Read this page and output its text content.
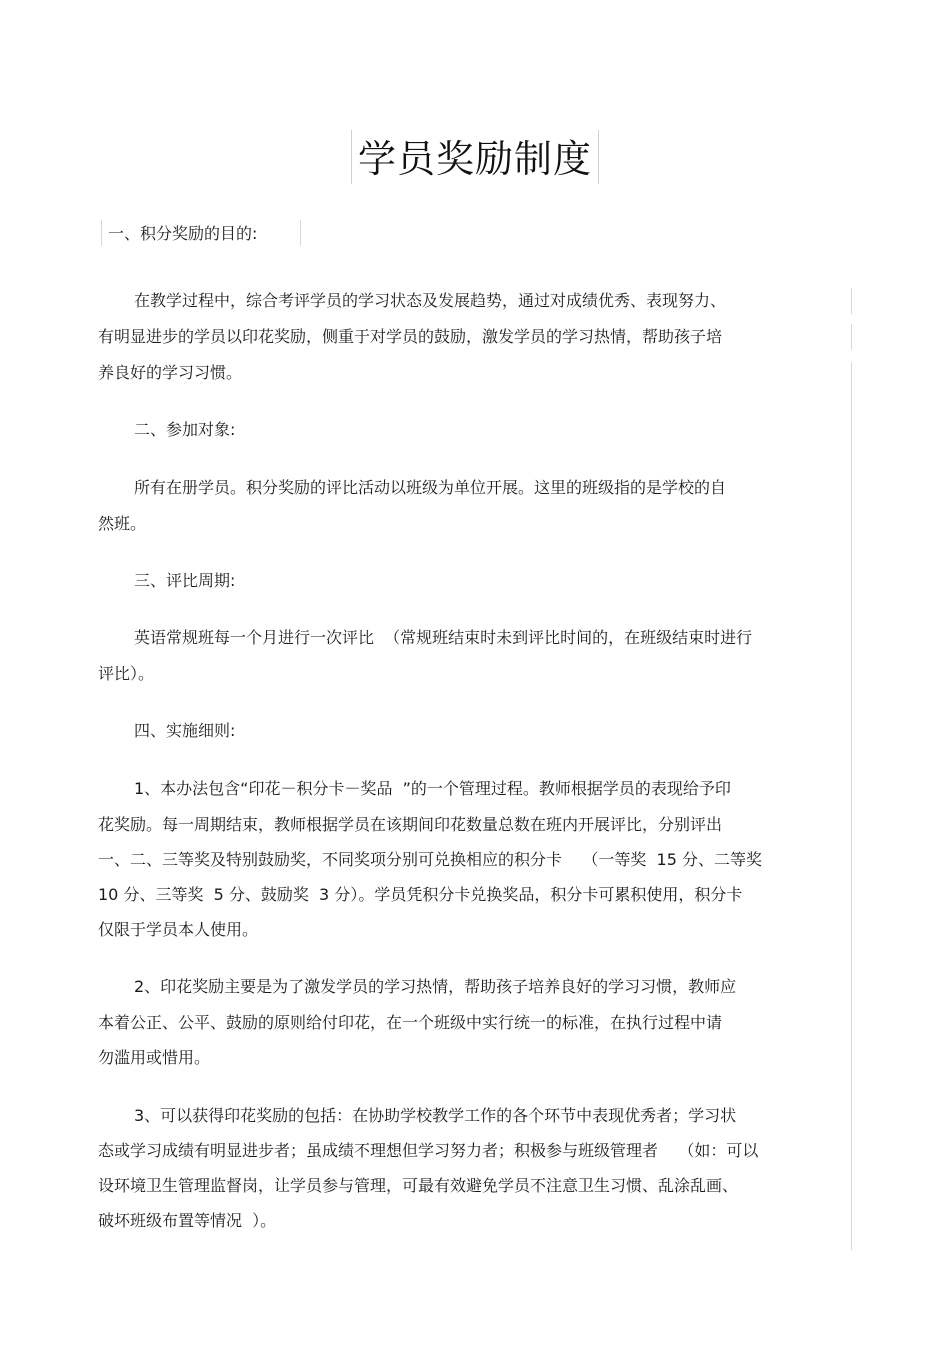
学员奖励制度
一、积分奖励的目的:
在教学过程中，综合考评学员的学习状态及发展趋势，通过对成绩优秀、表现努力、
有明显进步的学员以印花奖励，侧重于对学员的鼓励，激发学员的学习热情，帮助孩子培
养良好的学习习惯。
二、参加对象:
所有在册学员。积分奖励的评比活动以班级为单位开展。这里的班级指的是学校的自
然班。
三、评比周期:
英语常规班每一个月进行一次评比  （常规班结束时未到评比时间的，在班级结束时进行
评比）。
四、实施细则:
1、本办法包含“印花－积分卡－奖品  ”的一个管理过程。教师根据学员的表现给予印
花奖励。每一周期结束，教师根据学员在该期间印花数量总数在班内开展评比，分别评出
一、二、三等奖及特别鼓励奖，不同奖项分别可兑换相应的积分卡    （一等奖  15 分、二等奖
10 分、三等奖  5 分、鼓励奖  3 分）。学员凭积分卡兑换奖品，积分卡可累积使用，积分卡
仅限于学员本人使用。
2、印花奖励主要是为了激发学员的学习热情，帮助孩子培养良好的学习习惯，教师应
本着公正、公平、鼓励的原则给付印花，在一个班级中实行统一的标准，在执行过程中请
勿滥用或惜用。
3、可以获得印花奖励的包括：在协助学校教学工作的各个环节中表现优秀者；学习状
态或学习成绩有明显进步者；虽成绩不理想但学习努力者；积极参与班级管理者    （如：可以
设环境卫生管理监督岗，让学员参与管理，可最有效避免学员不注意卫生习惯、乱涂乱画、
破坏班级布置等情况  ）。
